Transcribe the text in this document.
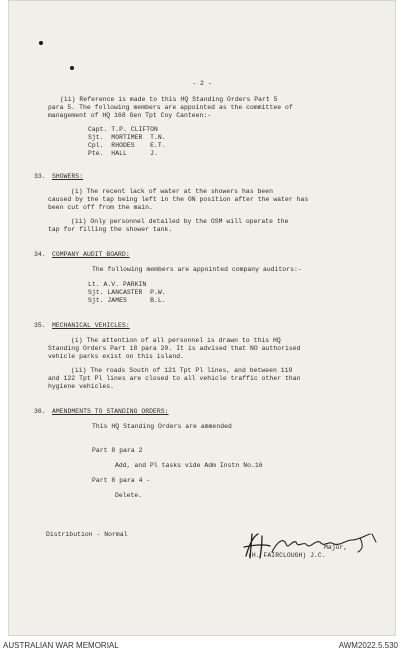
- 2 -
(ii) Reference is made to this HQ Standing Orders Part 5
para 5. The following members are appointed as the committee of
management of HQ 168 Gen Tpt Coy Canteen:-
Capt. T.P. CLIFTON
Sjt.  MORTIMER  T.N.
Cpl.  RHODES    E.T.
Pte.  HALL      J.
33. SHOWERS:
(i) The recent lack of water at the showers has been
caused by the tap being left in the ON position after the water has
been cut off from the main.
(ii) Only personnel detailed by the OSM will operate the
tap for filling the shower tank.
34. COMPANY AUDIT BOARD:
The following members are appointed company auditors:-
Lt. A.V. PARKIN
Sjt. LANCASTER  P.W.
Sjt. JAMES      B.L.
35. MECHANICAL VEHICLES:
(i) The attention of all personnel is drawn to this HQ
Standing Orders Part 18 para 20. It is advised that NO authorised
vehicle parks exist on this island.
(ii) The roads South of 121 Tpt Pl lines, and between 119
and 122 Tpt Pl lines are closed to all vehicle traffic other than
hygiene vehicles.
36. AMENDMENTS TO STANDING ORDERS:
This HQ Standing Orders are ammended
Part 8 para 2
Add, and Pl tasks vide Adm Instn No.16
Part 8 para 4 -
Delete.
Distribution - Normal
Major,
(H. FAIRCLOUGH) J.C.
AUSTRALIAN WAR MEMORIAL	AWM2022.5.530
